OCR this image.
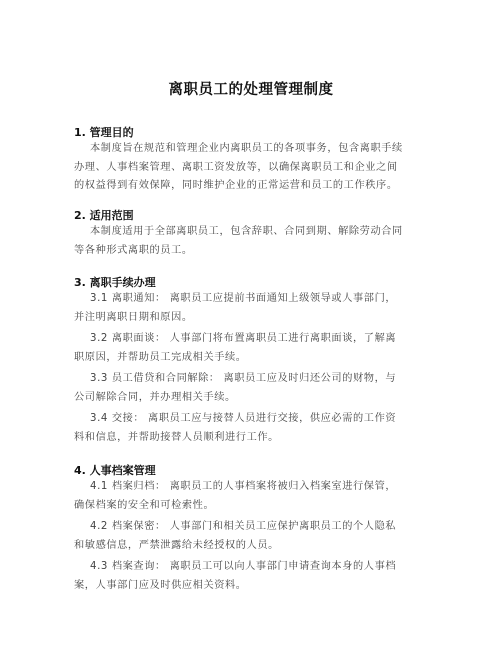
离职员工的处理管理制度
1. 管理目的
本制度旨在规范和管理企业内离职员工的各项事务，包含离职手续
办理、人事档案管理、离职工资发放等，以确保离职员工和企业之间
的权益得到有效保障，同时维护企业的正常运营和员工的工作秩序。
2. 适用范围
本制度适用于全部离职员工，包含辞职、合同到期、解除劳动合同
等各种形式离职的员工。
3. 离职手续办理
3.1 离职通知： 离职员工应提前书面通知上级领导或人事部门，
并注明离职日期和原因。
3.2 离职面谈： 人事部门将布置离职员工进行离职面谈，了解离
职原因，并帮助员工完成相关手续。
3.3 员工借贷和合同解除： 离职员工应及时归还公司的财物，与
公司解除合同，并办理相关手续。
3.4 交接： 离职员工应与接替人员进行交接，供应必需的工作资
料和信息，并帮助接替人员顺利进行工作。
4. 人事档案管理
4.1 档案归档： 离职员工的人事档案将被归入档案室进行保管，
确保档案的安全和可检索性。
4.2 档案保密： 人事部门和相关员工应保护离职员工的个人隐私
和敏感信息，严禁泄露给未经授权的人员。
4.3 档案查询： 离职员工可以向人事部门申请查询本身的人事档
案，人事部门应及时供应相关资料。
